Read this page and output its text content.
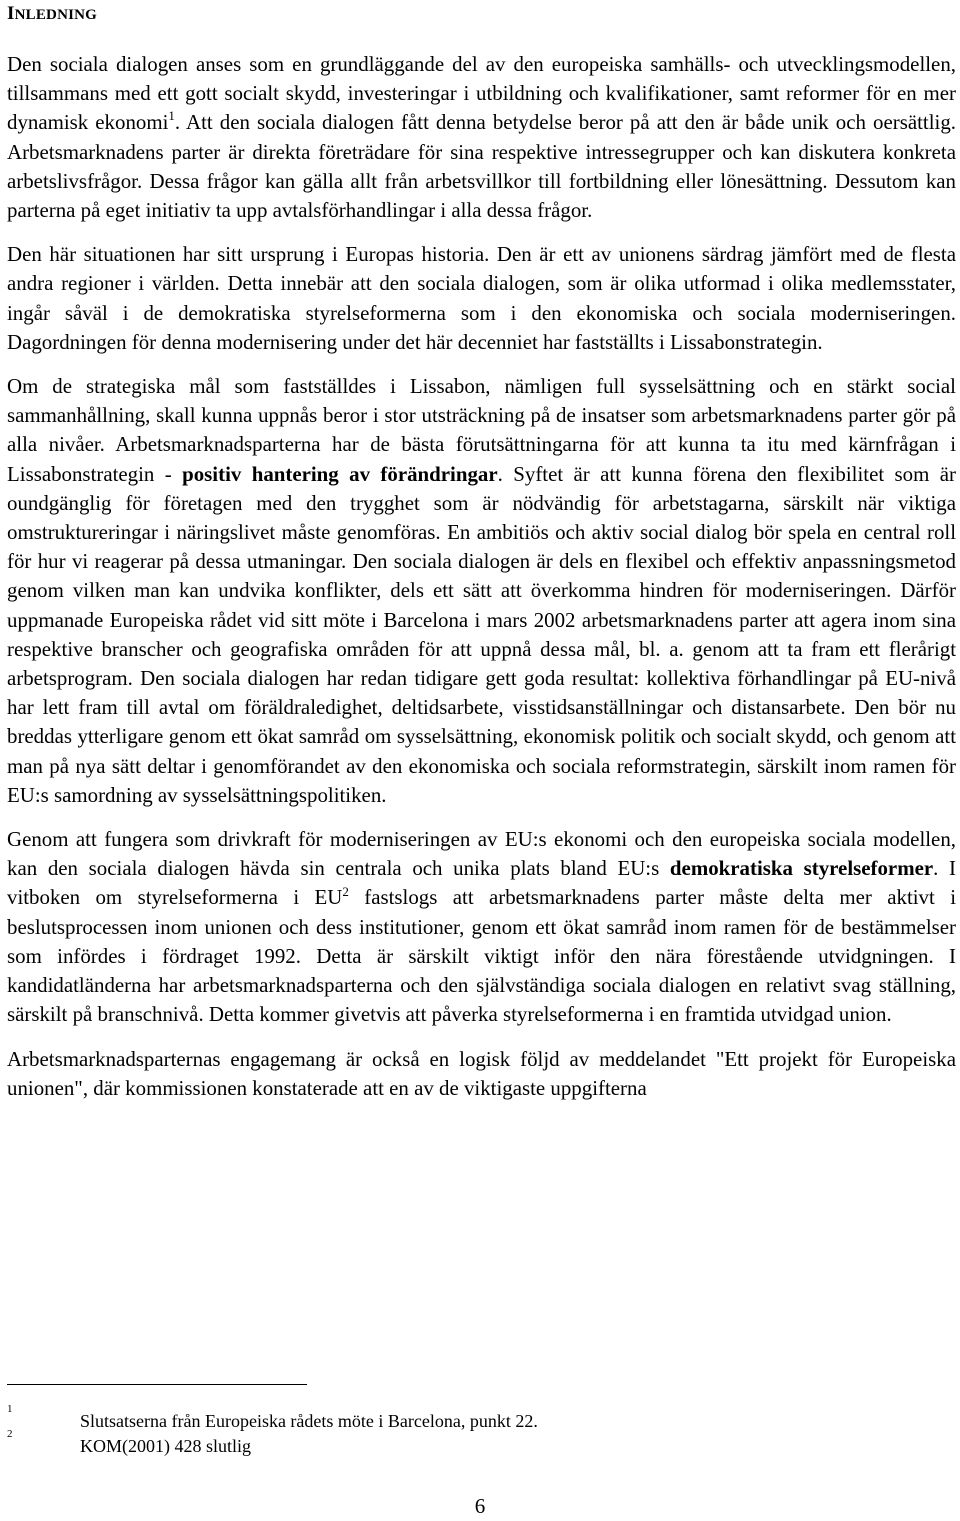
INLEDNING

Den sociala dialogen anses som en grundläggande del av den europeiska samhälls- och utvecklingsmodellen, tillsammans med ett gott socialt skydd, investeringar i utbildning och kvalifikationer, samt reformer för en mer dynamisk ekonomi$^1$. Att den sociala dialogen fått denna betydelse beror på att den är både unik och oersättlig. Arbetsmarknadens parter är direkta företrädare för sina respektive intressegrupper och kan diskutera konkreta arbetslivsfrågor. Dessa frågor kan gälla allt från arbetsvillkor till fortbildning eller lönesättning. Dessutom kan parterna på eget initiativ ta upp avtalsförhandlingar i alla dessa frågor.

Den här situationen har sitt ursprung i Europas historia. Den är ett av unionens särdrag jämfört med de flesta andra regioner i världen. Detta innebär att den sociala dialogen, som är olika utformad i olika medlemsstater, ingår såväl i de demokratiska styrelseformerna som i den ekonomiska och sociala moderniseringen. Dagordningen för denna modernisering under det här decenniet har fastställts i Lissabonstrategin.

Om de strategiska mål som fastställdes i Lissabon, nämligen full sysselsättning och en stärkt social sammanhållning, skall kunna uppnås beror i stor utsträckning på de insatser som arbetsmarknadens parter gör på alla nivåer. Arbetsmarknadsparterna har de bästa förutsättningarna för att kunna ta itu med kärnfrågan i Lissabonstrategin - positiv hantering av förändringar. Syftet är att kunna förena den flexibilitet som är oundgänglig för företagen med den trygghet som är nödvändig för arbetstagarna, särskilt när viktiga omstruktureringar i näringslivet måste genomföras. En ambitiös och aktiv social dialog bör spela en central roll för hur vi reagerar på dessa utmaningar. Den sociala dialogen är dels en flexibel och effektiv anpassningsmetod genom vilken man kan undvika konflikter, dels ett sätt att överkomma hindren för moderniseringen. Därför uppmanade Europeiska rådet vid sitt möte i Barcelona i mars 2002 arbetsmarknadens parter att agera inom sina respektive branscher och geografiska områden för att uppnå dessa mål, bl. a. genom att ta fram ett flerårigt arbetsprogram. Den sociala dialogen har redan tidigare gett goda resultat: kollektiva förhandlingar på EU-nivå har lett fram till avtal om föräldraledighet, deltidsarbete, visstidsanställningar och distansarbete. Den bör nu breddas ytterligare genom ett ökat samråd om sysselsättning, ekonomisk politik och socialt skydd, och genom att man på nya sätt deltar i genomförandet av den ekonomiska och sociala reformstrategin, särskilt inom ramen för EU:s samordning av sysselsättningspolitiken.

Genom att fungera som drivkraft för moderniseringen av EU:s ekonomi och den europeiska sociala modellen, kan den sociala dialogen hävda sin centrala och unika plats bland EU:s demokratiska styrelseformer. I vitboken om styrelseformerna i $EU^2$ fastslogs att arbetsmarknadens parter måste delta mer aktivt i beslutsprocessen inom unionen och dess institutioner, genom ett ökat samråd inom ramen för de bestämmelser som infördes i fördraget 1992. Detta är särskilt viktigt inför den nära förestående utvidgningen. I kandidatländerna har arbetsmarknadsparterna och den självständiga sociala dialogen en relativt svag ställning, särskilt på branschnivå. Detta kommer givetvis att påverka styrelseformerna i en framtida utvidgad union.

Arbetsmarknadsparternas engagemang är också en logisk följd av meddelandet "Ett projekt för Europeiska unionen", där kommissionen konstaterade att en av de viktigaste uppgifterna

1
Slutsatserna från Europeiska rådets möte i Barcelona, punkt 22.
2
KOM(2001) 428 slutlig
6
